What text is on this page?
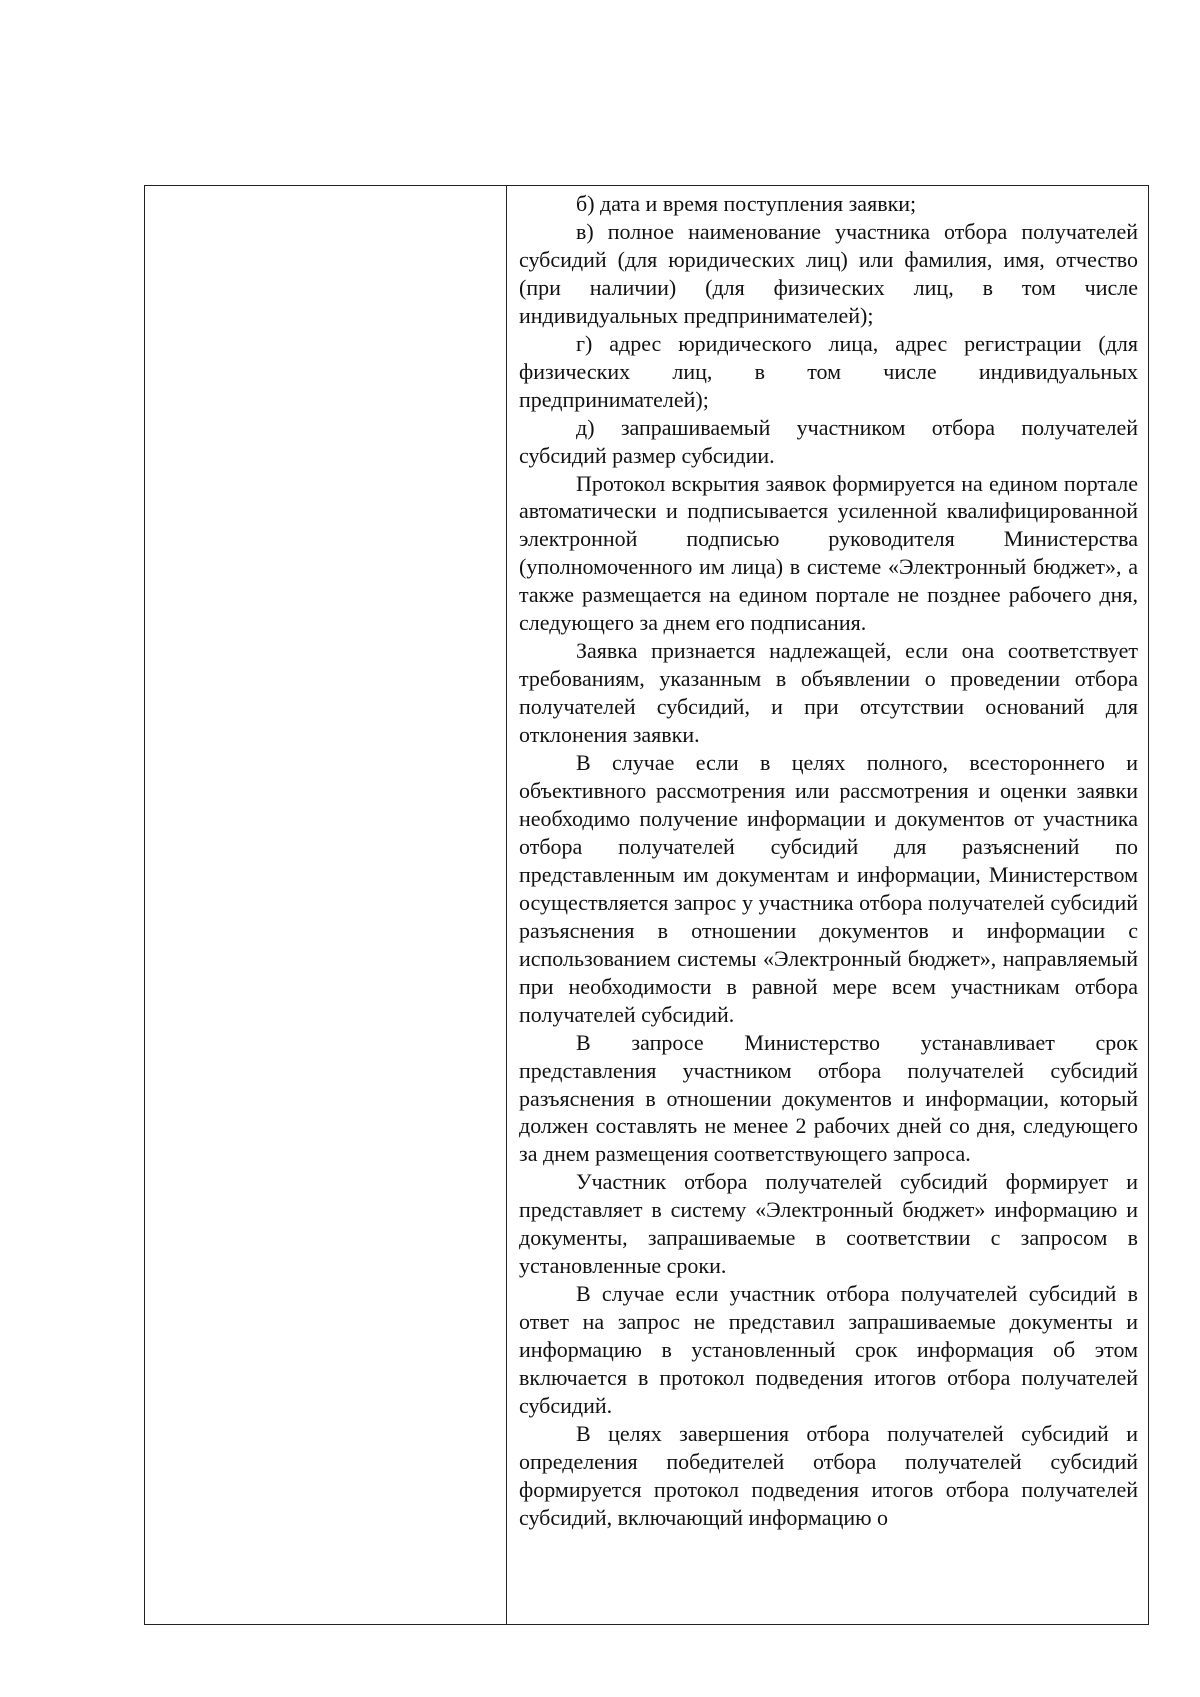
б) дата и время поступления заявки;

в) полное наименование участника отбора получателей субсидий (для юридических лиц) или фамилия, имя, отчество (при наличии) (для физических лиц, в том числе индивидуальных предпринимателей);

г) адрес юридического лица, адрес регистрации (для физических лиц, в том числе индивидуальных предпринимателей);

д) запрашиваемый участником отбора получателей субсидий размер субсидии.

Протокол вскрытия заявок формируется на едином портале автоматически и подписывается усиленной квалифицированной электронной подписью руководителя Министерства (уполномоченного им лица) в системе «Электронный бюджет», а также размещается на едином портале не позднее рабочего дня, следующего за днем его подписания.

Заявка признается надлежащей, если она соответствует требованиям, указанным в объявлении о проведении отбора получателей субсидий, и при отсутствии оснований для отклонения заявки.

В случае если в целях полного, всестороннего и объективного рассмотрения или рассмотрения и оценки заявки необходимо получение информации и документов от участника отбора получателей субсидий для разъяснений по представленным им документам и информации, Министерством осуществляется запрос у участника отбора получателей субсидий разъяснения в отношении документов и информации с использованием системы «Электронный бюджет», направляемый при необходимости в равной мере всем участникам отбора получателей субсидий.

В запросе Министерство устанавливает срок представления участником отбора получателей субсидий разъяснения в отношении документов и информации, который должен составлять не менее 2 рабочих дней со дня, следующего за днем размещения соответствующего запроса.

Участник отбора получателей субсидий формирует и представляет в систему «Электронный бюджет» информацию и документы, запрашиваемые в соответствии с запросом в установленные сроки.

В случае если участник отбора получателей субсидий в ответ на запрос не представил запрашиваемые документы и информацию в установленный срок информация об этом включается в протокол подведения итогов отбора получателей субсидий.

В целях завершения отбора получателей субсидий и определения победителей отбора получателей субсидий формируется протокол подведения итогов отбора получателей субсидий, включающий информацию о
